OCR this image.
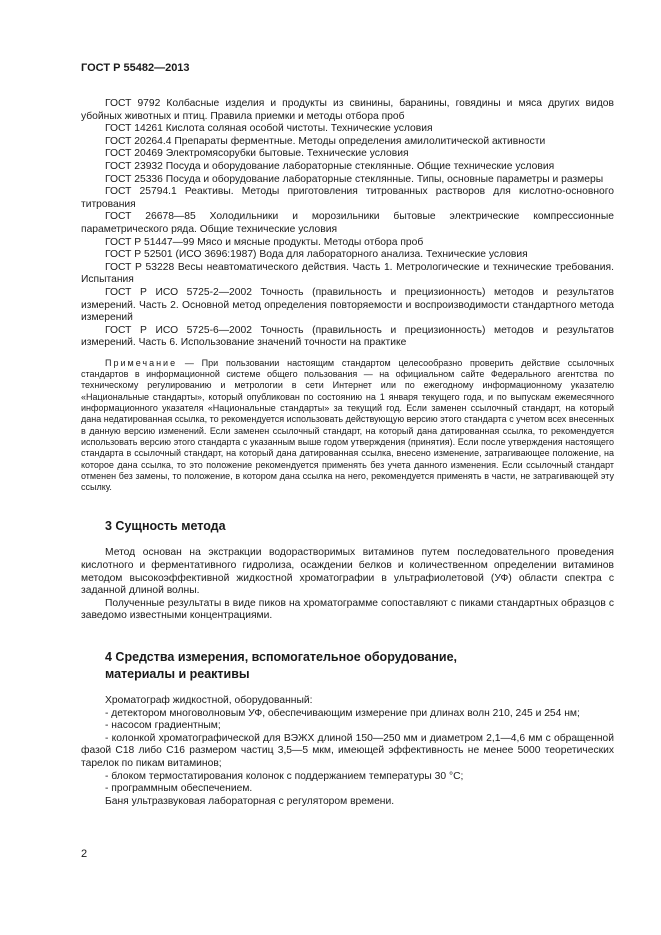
ГОСТ Р 55482—2013

ГОСТ 9792 Колбасные изделия и продукты из свинины, баранины, говядины и мяса других видов убойных животных и птиц. Правила приемки и методы отбора проб

ГОСТ 14261 Кислота соляная особой чистоты. Технические условия

ГОСТ 20264.4 Препараты ферментные. Методы определения амилолитической активности

ГОСТ 20469 Электромясорубки бытовые. Технические условия

ГОСТ 23932 Посуда и оборудование лабораторные стеклянные. Общие технические условия

ГОСТ 25336 Посуда и оборудование лабораторные стеклянные. Типы, основные параметры и размеры

ГОСТ 25794.1 Реактивы. Методы приготовления титрованных растворов для кислотно-основного титрования

ГОСТ 26678—85 Холодильники и морозильники бытовые электрические компрессионные параметрического ряда. Общие технические условия

ГОСТ Р 51447—99 Мясо и мясные продукты. Методы отбора проб

ГОСТ Р 52501 (ИСО 3696:1987) Вода для лабораторного анализа. Технические условия

ГОСТ Р 53228 Весы неавтоматического действия. Часть 1. Метрологические и технические требования. Испытания

ГОСТ Р ИСО 5725-2—2002 Точность (правильность и прецизионность) методов и результатов измерений. Часть 2. Основной метод определения повторяемости и воспроизводимости стандартного метода измерений

ГОСТ Р ИСО 5725-6—2002 Точность (правильность и прецизионность) методов и результатов измерений. Часть 6. Использование значений точности на практике

Примечание — При пользовании настоящим стандартом целесообразно проверить действие ссылочных стандартов в информационной системе общего пользования — на официальном сайте Федерального агентства по техническому регулированию и метрологии в сети Интернет или по ежегодному информационному указателю «Национальные стандарты», который опубликован по состоянию на 1 января текущего года, и по выпускам ежемесячного информационного указателя «Национальные стандарты» за текущий год. Если заменен ссылочный стандарт, на который дана недатированная ссылка, то рекомендуется использовать действующую версию этого стандарта с учетом всех внесенных в данную версию изменений. Если заменен ссылочный стандарт, на который дана датированная ссылка, то рекомендуется использовать версию этого стандарта с указанным выше годом утверждения (принятия). Если после утверждения настоящего стандарта в ссылочный стандарт, на который дана датированная ссылка, внесено изменение, затрагивающее положение, на которое дана ссылка, то это положение рекомендуется применять без учета данного изменения. Если ссылочный стандарт отменен без замены, то положение, в котором дана ссылка на него, рекомендуется применять в части, не затрагивающей эту ссылку.

3 Сущность метода

Метод основан на экстракции водорастворимых витаминов путем последовательного проведения кислотного и ферментативного гидролиза, осаждении белков и количественном определении витаминов методом высокоэффективной жидкостной хроматографии в ультрафиолетовой (УФ) области спектра с заданной длиной волны.

Полученные результаты в виде пиков на хроматограмме сопоставляют с пиками стандартных образцов с заведомо известными концентрациями.

4 Средства измерения, вспомогательное оборудование,
материалы и реактивы

Хроматограф жидкостной, оборудованный:

- детектором многоволновым УФ, обеспечивающим измерение при длинах волн 210, 245 и 254 нм;

- насосом градиентным;

- колонкой хроматографической для ВЭЖХ длиной 150—250 мм и диаметром 2,1—4,6 мм с обращенной фазой С18 либо С16 размером частиц 3,5—5 мкм, имеющей эффективность не менее 5000 теоретических тарелок по пикам витаминов;

- блоком термостатирования колонок с поддержанием температуры 30 °С;

- программным обеспечением.

Баня ультразвуковая лабораторная с регулятором времени.

2
